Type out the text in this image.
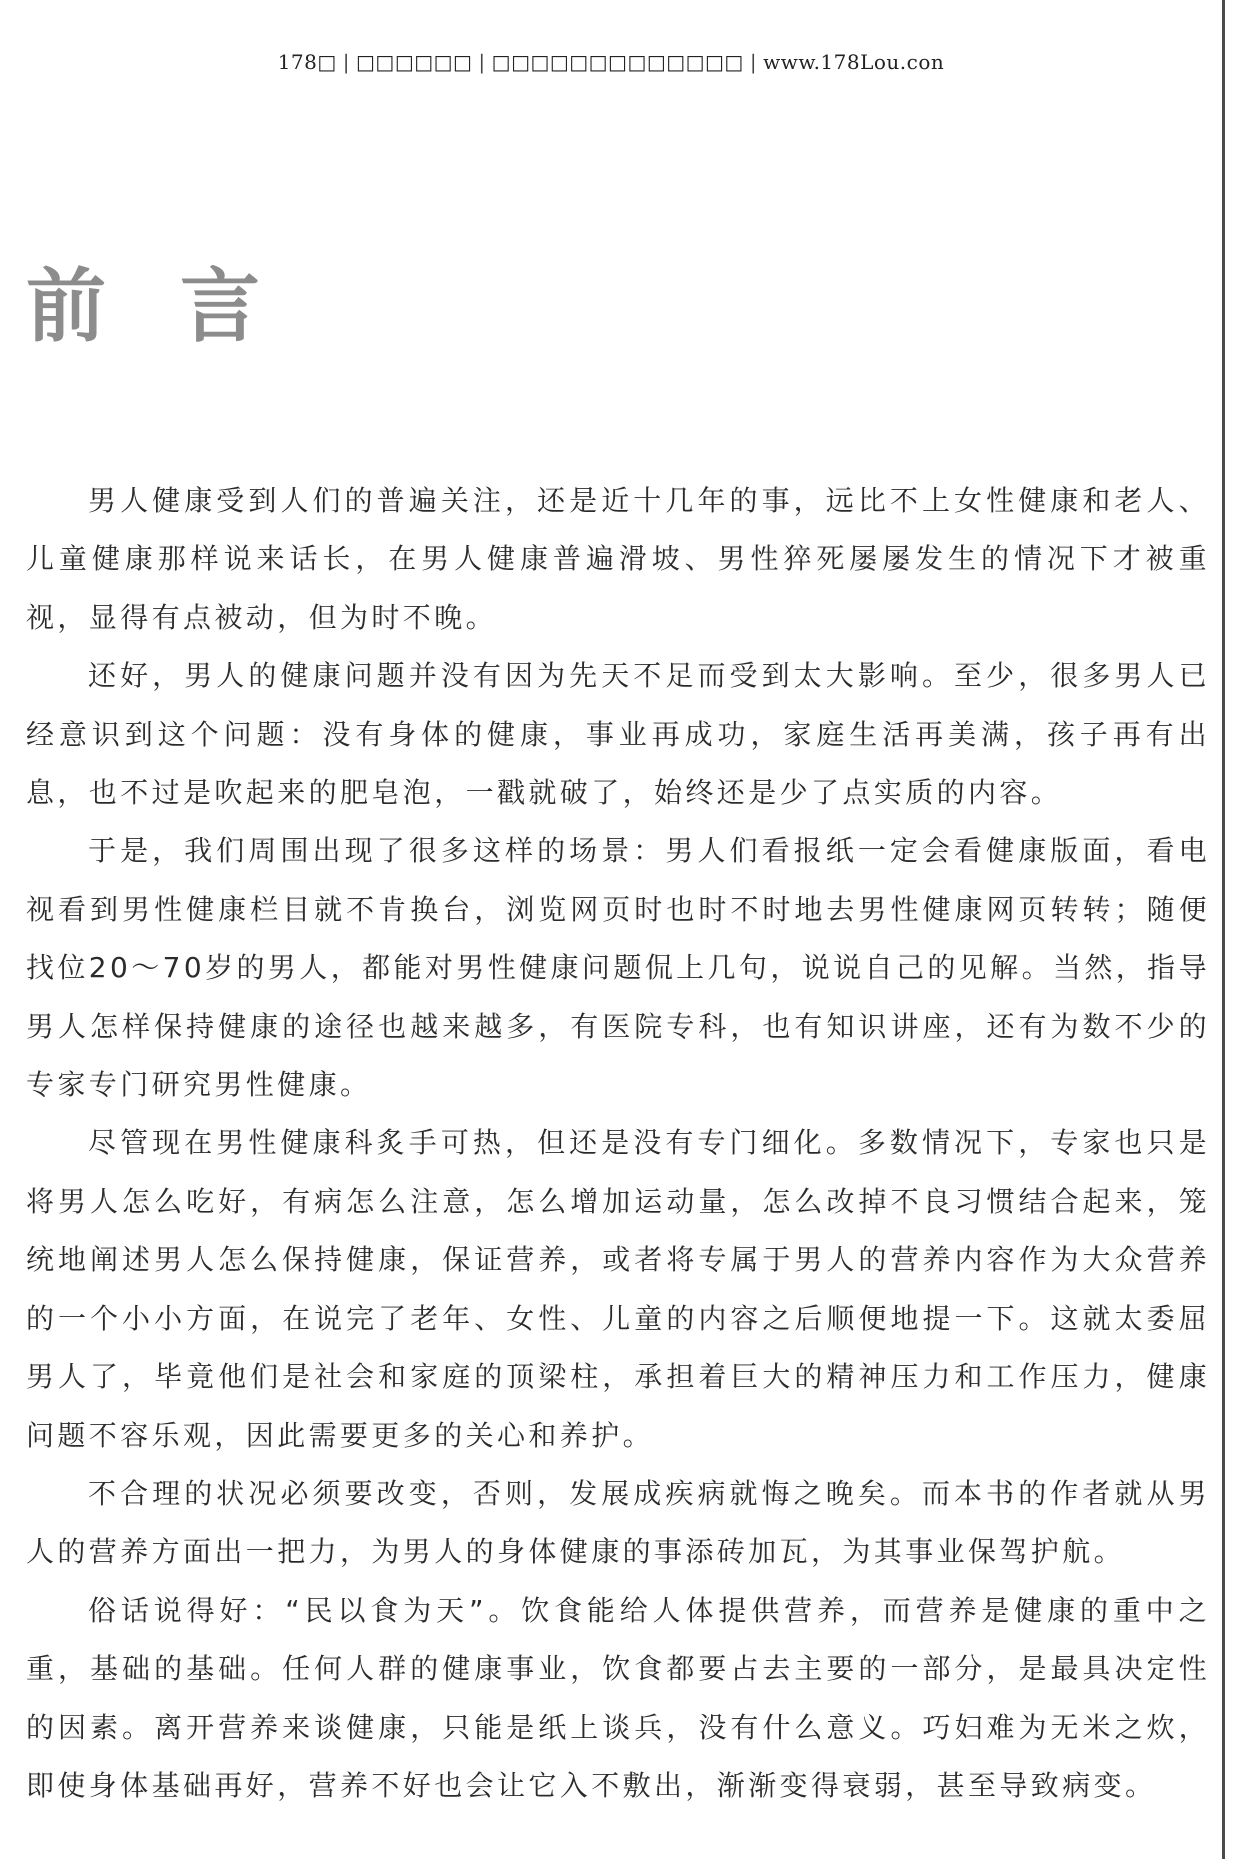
178□ | □□□□□□ | □□□□□□□□□□□□□ | www.178Lou.con
前言

男人健康受到人们的普遍关注，还是近十几年的事，远比不上女性健康和老人、儿童健康那样说来话长，在男人健康普遍滑坡、男性猝死屡屡发生的情况下才被重视，显得有点被动，但为时不晚。

还好，男人的健康问题并没有因为先天不足而受到太大影响。至少，很多男人已经意识到这个问题：没有身体的健康，事业再成功，家庭生活再美满，孩子再有出息，也不过是吹起来的肥皂泡，一戳就破了，始终还是少了点实质的内容。

于是，我们周围出现了很多这样的场景：男人们看报纸一定会看健康版面，看电视看到男性健康栏目就不肯换台，浏览网页时也时不时地去男性健康网页转转；随便找位20～70岁的男人，都能对男性健康问题侃上几句，说说自己的见解。当然，指导男人怎样保持健康的途径也越来越多，有医院专科，也有知识讲座，还有为数不少的专家专门研究男性健康。

尽管现在男性健康科炙手可热，但还是没有专门细化。多数情况下，专家也只是将男人怎么吃好，有病怎么注意，怎么增加运动量，怎么改掉不良习惯结合起来，笼统地阐述男人怎么保持健康，保证营养，或者将专属于男人的营养内容作为大众营养的一个小小方面，在说完了老年、女性、儿童的内容之后顺便地提一下。这就太委屈男人了，毕竟他们是社会和家庭的顶梁柱，承担着巨大的精神压力和工作压力，健康问题不容乐观，因此需要更多的关心和养护。

不合理的状况必须要改变，否则，发展成疾病就悔之晚矣。而本书的作者就从男人的营养方面出一把力，为男人的身体健康的事添砖加瓦，为其事业保驾护航。

俗话说得好：“民以食为天”。饮食能给人体提供营养，而营养是健康的重中之重，基础的基础。任何人群的健康事业，饮食都要占去主要的一部分，是最具决定性的因素。离开营养来谈健康，只能是纸上谈兵，没有什么意义。巧妇难为无米之炊，即使身体基础再好，营养不好也会让它入不敷出，渐渐变得衰弱，甚至导致病变。
